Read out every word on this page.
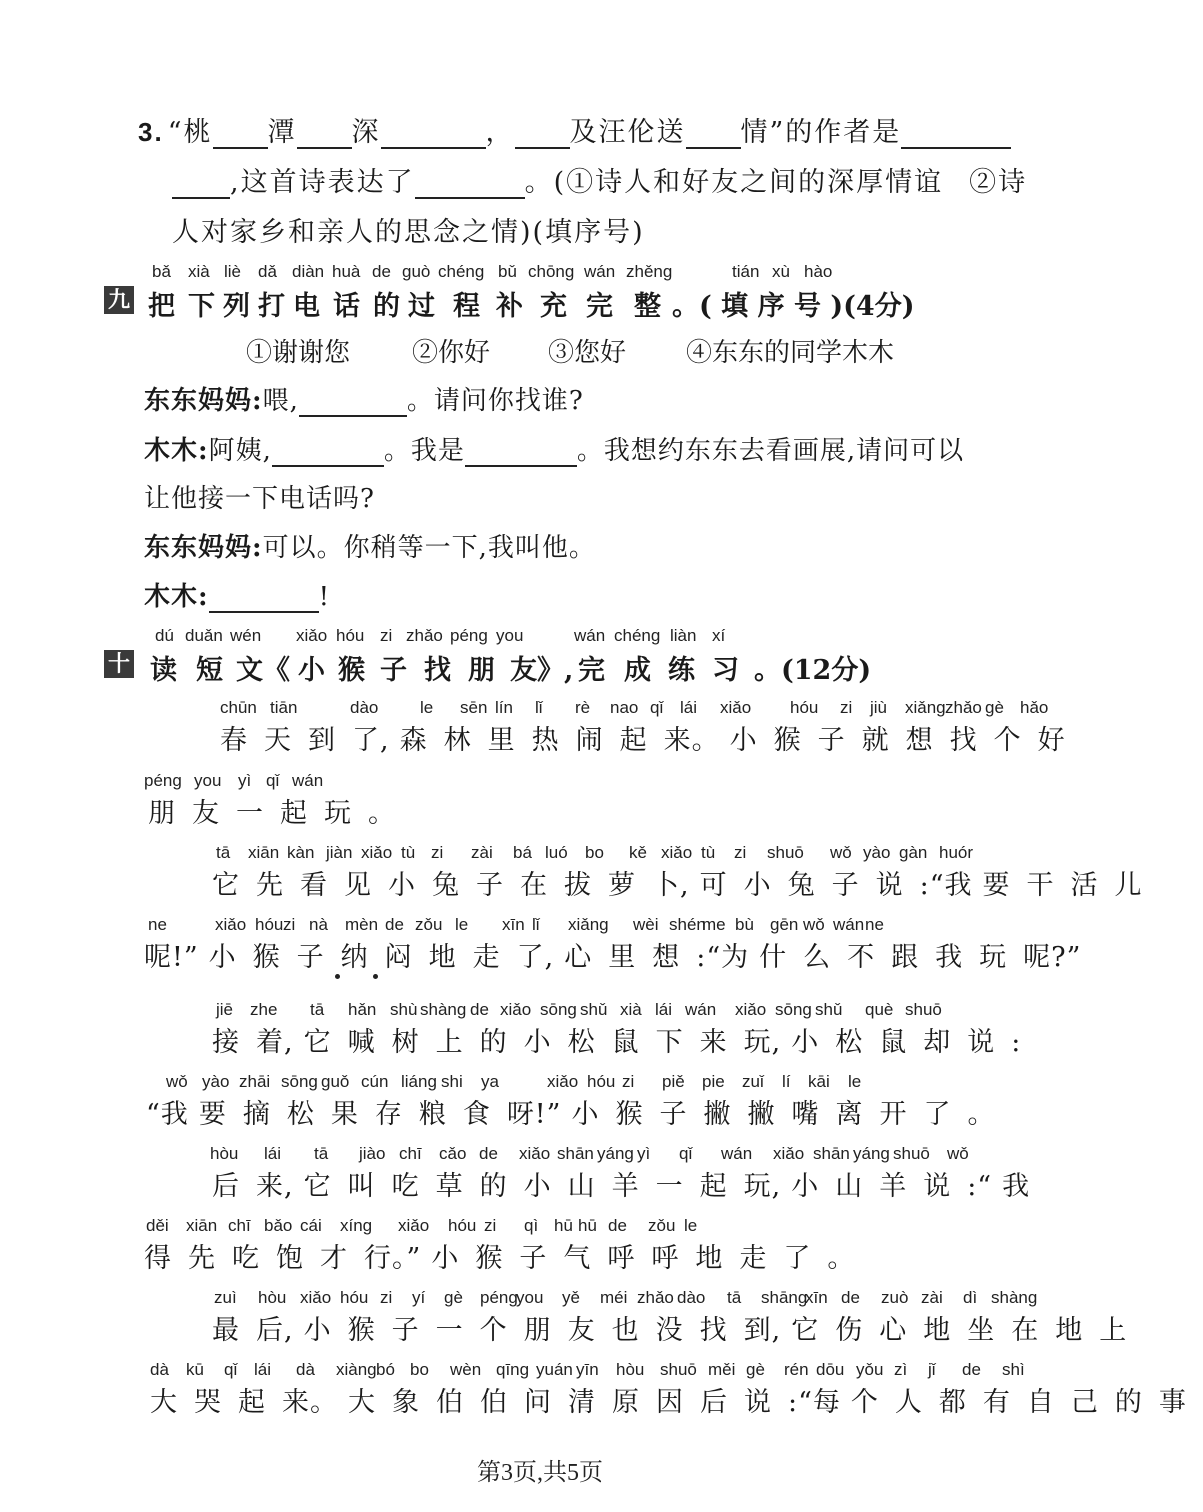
3. “桃 潭 深	， 及汪伦送 情”的作者是
,这首诗表达了	。(①诗人和好友之间的深厚情谊 ②诗
人对家乡和亲人的思念之情)(填序号)
bǎ xià liè dǎ diàn huà de guò chéng bǔ chōng wán zhěng	tián xù hào
九 把 下 列 打 电 话 的 过 程 补 充 完 整 。( 填 序 号 )(4分)
①谢谢您 ②你好 ③您好 ④东东的同学木木
东东妈妈:喂,	。请问你找谁?
木木:阿姨,	。我是	。我想约东东去看画展,请问可以
让他接一下电话吗?
东东妈妈:可以。你稍等一下,我叫他。
木木:	!
dú duǎn wén xiǎo hóu zi zhǎo péng you	wán chéng liàn xí
十 读 短 文《 小 猴 子 找 朋 友》, 完 成 练 习 。(12分)
chūn tiān	dào le sēn lín lǐ rè nao qǐ lái xiǎo hóu zi jiù xiǎng zhǎo gè hǎo
春 天 到 了, 森 林 里 热 闹 起 来。 小 猴 子 就 想 找 个 好
péng you yì qǐ wán
朋 友 一 起 玩 。
tā xiān kàn jiàn xiǎo tù zi zài bá luó bo kě xiǎo tù zi shuō wǒ yào gàn huór
它 先 看 见 小 兔 子 在 拔 萝 卜, 可 小 兔 子 说 :“我 要 干 活 儿
ne	xiǎo hóu zi nà mèn de zǒu le xīn lǐ xiǎng wèi shén
me bù gēn wǒ wán ne
呢!” 小 猴 子 纳 闷 地 走 了, 心 里 想 :“为 什 么 不 跟 我 玩 呢?”
jiē zhe tā hǎn shù shàng de xiǎo sōng shǔ xià lái wán xiǎo sōng shǔ què shuō
接 着, 它 喊 树 上 的 小 松 鼠 下 来 玩, 小 松 鼠 却 说 :
wǒ yào zhāi sōng guǒ cún liáng shi ya	xiǎo hóu zi piě pie zuǐ lí kāi le
“我 要 摘 松 果 存 粮 食 呀!” 小 猴 子 撇 撇 嘴 离 开 了 。
hòu lái tā jiào chī cǎo de xiǎo shān yáng yì qǐ wán xiǎo shān yáng shuō wǒ
后 来, 它 叫 吃 草 的 小 山 羊 一 起 玩, 小 山 羊 说 :“ 我
děi xiān chī bǎo cái xíng xiǎo hóu zi qì hū hū de zǒu le
得 先 吃 饱 才 行。” 小 猴 子 气 呼 呼 地 走 了 。
zuì hòu xiǎo hóu zi yí gè péng
you yě méi zhǎo dào tā shāng
xīn de zuò zài dì shàng
最 后, 小 猴 子 一 个 朋 友 也 没 找 到, 它 伤 心 地 坐 在 地 上
dà kū qǐ lái dà xiàng bó bo wèn qīng yuán yīn hòu shuō měi gè rén dōu yǒu zì jǐ de shì
大 哭 起 来。 大 象 伯 伯 问 清 原 因 后 说 :“每 个 人 都 有 自 己 的 事
第3页,共5页
